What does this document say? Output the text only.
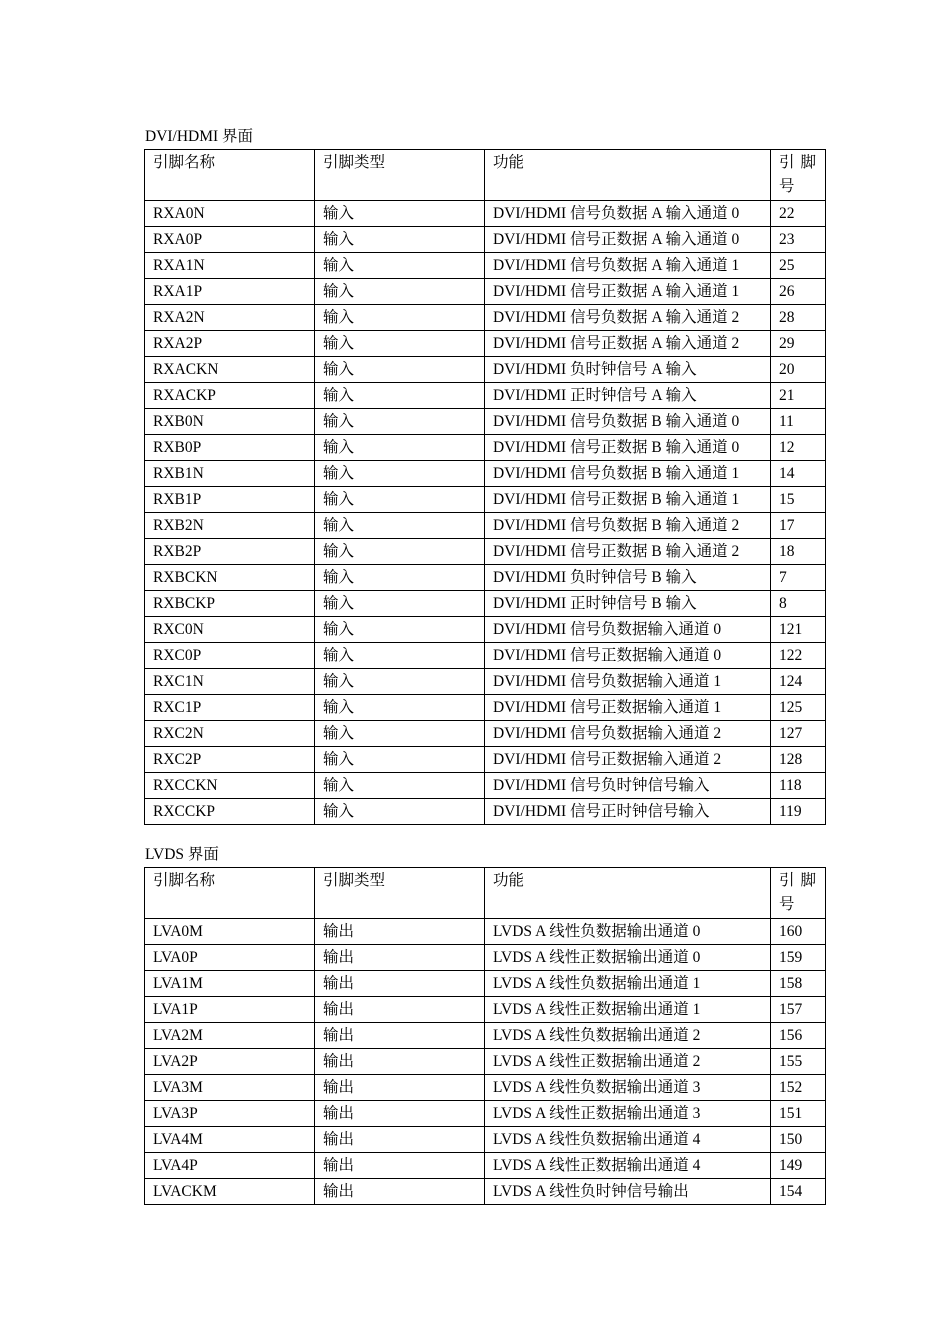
DVI/HDMI 界面
引脚名称	引脚类型	功能	引脚号
RXA0N	输入	DVI/HDMI 信号负数据 A 输入通道 0	22
RXA0P	输入	DVI/HDMI 信号正数据 A 输入通道 0	23
RXA1N	输入	DVI/HDMI 信号负数据 A 输入通道 1	25
RXA1P	输入	DVI/HDMI 信号正数据 A 输入通道 1	26
RXA2N	输入	DVI/HDMI 信号负数据 A 输入通道 2	28
RXA2P	输入	DVI/HDMI 信号正数据 A 输入通道 2	29
RXACKN	输入	DVI/HDMI 负时钟信号 A 输入	20
RXACKP	输入	DVI/HDMI 正时钟信号 A 输入	21
RXB0N	输入	DVI/HDMI 信号负数据 B 输入通道 0	11
RXB0P	输入	DVI/HDMI 信号正数据 B 输入通道 0	12
RXB1N	输入	DVI/HDMI 信号负数据 B 输入通道 1	14
RXB1P	输入	DVI/HDMI 信号正数据 B 输入通道 1	15
RXB2N	输入	DVI/HDMI 信号负数据 B 输入通道 2	17
RXB2P	输入	DVI/HDMI 信号正数据 B 输入通道 2	18
RXBCKN	输入	DVI/HDMI 负时钟信号 B 输入	7
RXBCKP	输入	DVI/HDMI 正时钟信号 B 输入	8
RXC0N	输入	DVI/HDMI 信号负数据输入通道 0	121
RXC0P	输入	DVI/HDMI 信号正数据输入通道 0	122
RXC1N	输入	DVI/HDMI 信号负数据输入通道 1	124
RXC1P	输入	DVI/HDMI 信号正数据输入通道 1	125
RXC2N	输入	DVI/HDMI 信号负数据输入通道 2	127
RXC2P	输入	DVI/HDMI 信号正数据输入通道 2	128
RXCCKN	输入	DVI/HDMI 信号负时钟信号输入	118
RXCCKP	输入	DVI/HDMI 信号正时钟信号输入	119
LVDS 界面
引脚名称	引脚类型	功能	引脚号
LVA0M	输出	LVDS A 线性负数据输出通道 0	160
LVA0P	输出	LVDS A 线性正数据输出通道 0	159
LVA1M	输出	LVDS A 线性负数据输出通道 1	158
LVA1P	输出	LVDS A 线性正数据输出通道 1	157
LVA2M	输出	LVDS A 线性负数据输出通道 2	156
LVA2P	输出	LVDS A 线性正数据输出通道 2	155
LVA3M	输出	LVDS A 线性负数据输出通道 3	152
LVA3P	输出	LVDS A 线性正数据输出通道 3	151
LVA4M	输出	LVDS A 线性负数据输出通道 4	150
LVA4P	输出	LVDS A 线性正数据输出通道 4	149
LVACKM	输出	LVDS A 线性负时钟信号输出	154
